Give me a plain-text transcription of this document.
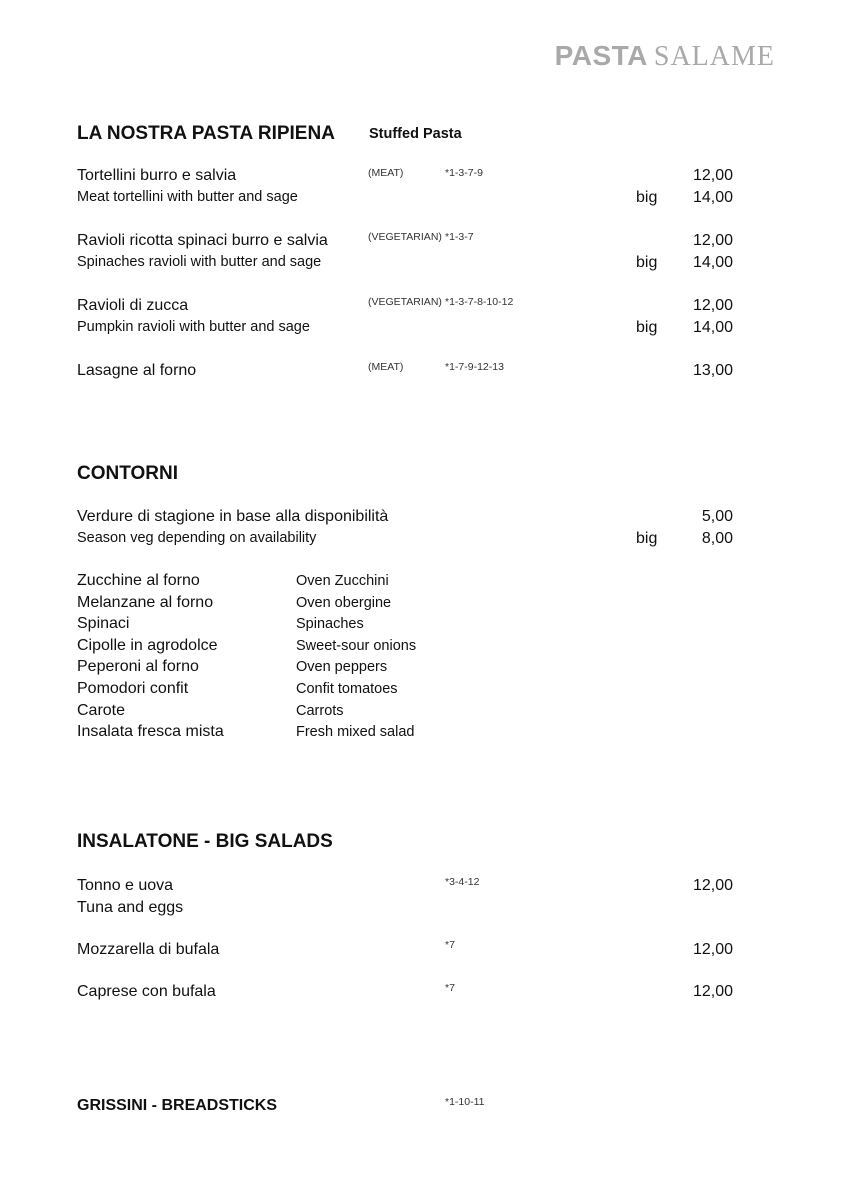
PASTA SALAME
LA NOSTRA PASTA RIPIENA Stuffed Pasta
Tortellini burro e salvia	(MEAT)	*1-3-7-9	12,00
Meat tortellini with butter and sage	big	14,00
Ravioli ricotta spinaci burro e salvia	(VEGETARIAN) *1-3-7	12,00
Spinaches ravioli with butter and sage	big	14,00
Ravioli di zucca	(VEGETARIAN) *1-3-7-8-10-12	12,00
Pumpkin ravioli with butter and sage	big	14,00
Lasagne al forno	(MEAT)	*1-7-9-12-13	13,00
CONTORNI
Verdure di stagione in base alla disponibilità	5,00
Season veg depending on availability	big	8,00
Zucchine al forno	Oven Zucchini
Melanzane al forno	Oven obergine
Spinaci	Spinaches
Cipolle in agrodolce	Sweet-sour onions
Peperoni al forno	Oven peppers
Pomodori confit	Confit tomatoes
Carote	Carrots
Insalata fresca mista	Fresh mixed salad
INSALATONE - BIG SALADS
Tonno e uova	*3-4-12	12,00
Tuna and eggs
Mozzarella di bufala	*7	12,00
Caprese con bufala	*7	12,00
GRISSINI - BREADSTICKS	*1-10-11
